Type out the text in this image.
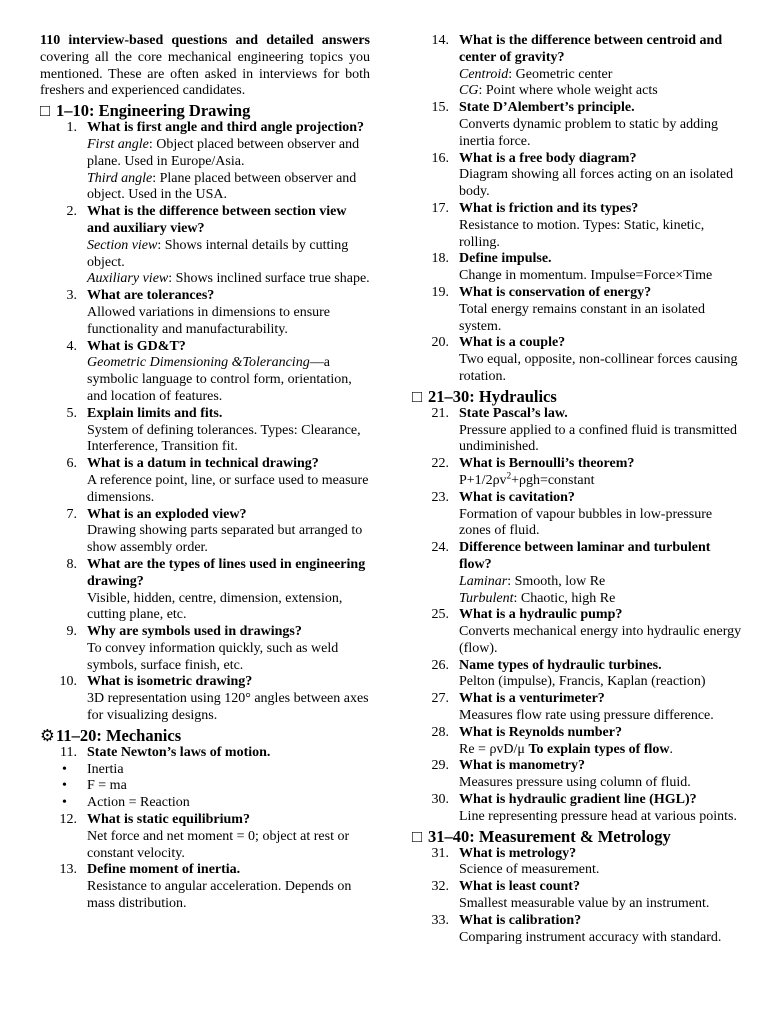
110 interview-based questions and detailed answers covering all the core mechanical engineering topics you mentioned. These are often asked in interviews for both freshers and experienced candidates.

□ 1–10: Engineering Drawing
1. What is first angle and third angle projection?
First angle: Object placed between observer and plane. Used in Europe/Asia.
Third angle: Plane placed between observer and object. Used in the USA.
2. What is the difference between section view and auxiliary view?
Section view: Shows internal details by cutting object.
Auxiliary view: Shows inclined surface true shape.
3. What are tolerances?
Allowed variations in dimensions to ensure functionality and manufacturability.
4. What is GD&T?
Geometric Dimensioning &Tolerancing—a symbolic language to control form, orientation, and location of features.
5. Explain limits and fits.
System of defining tolerances. Types: Clearance, Interference, Transition fit.
6. What is a datum in technical drawing?
A reference point, line, or surface used to measure dimensions.
7. What is an exploded view?
Drawing showing parts separated but arranged to show assembly order.
8. What are the types of lines used in engineering drawing?
Visible, hidden, centre, dimension, extension, cutting plane, etc.
9. Why are symbols used in drawings?
To convey information quickly, such as weld symbols, surface finish, etc.
10. What is isometric drawing?
3D representation using 120° angles between axes for visualizing designs.
⚙11–20: Mechanics
11. State Newton’s laws of motion.
• Inertia
• F = ma
• Action = Reaction
12. What is static equilibrium?
Net force and net moment = 0; object at rest or constant velocity.
13. Define moment of inertia.
Resistance to angular acceleration. Depends on mass distribution.
14. What is the difference between centroid and center of gravity?
Centroid: Geometric center
CG: Point where whole weight acts
15. State D’Alembert’s principle.
Converts dynamic problem to static by adding inertia force.
16. What is a free body diagram?
Diagram showing all forces acting on an isolated body.
17. What is friction and its types?
Resistance to motion. Types: Static, kinetic, rolling.
18. Define impulse.
Change in momentum. Impulse=Force×Time
19. What is conservation of energy?
Total energy remains constant in an isolated system.
20. What is a couple?
Two equal, opposite, non-collinear forces causing rotation.
□ 21–30: Hydraulics
21. State Pascal’s law.
Pressure applied to a confined fluid is transmitted undiminished.
22. What is Bernoulli’s theorem?
$P+1/2\rho v^2+\rho gh=constant$
23. What is cavitation?
Formation of vapour bubbles in low-pressure zones of fluid.
24. Difference between laminar and turbulent flow?
Laminar: Smooth, low Re
Turbulent: Chaotic, high Re
25. What is a hydraulic pump?
Converts mechanical energy into hydraulic energy (flow).
26. Name types of hydraulic turbines.
Pelton (impulse), Francis, Kaplan (reaction)
27. What is a venturimeter?
Measures flow rate using pressure difference.
28. What is Reynolds number?
Re = ρvD/μ To explain types of flow.
29. What is manometry?
Measures pressure using column of fluid.
30. What is hydraulic gradient line (HGL)?
Line representing pressure head at various points.
□ 31–40: Measurement & Metrology
31. What is metrology?
Science of measurement.
32. What is least count?
Smallest measurable value by an instrument.
33. What is calibration?
Comparing instrument accuracy with standard.
